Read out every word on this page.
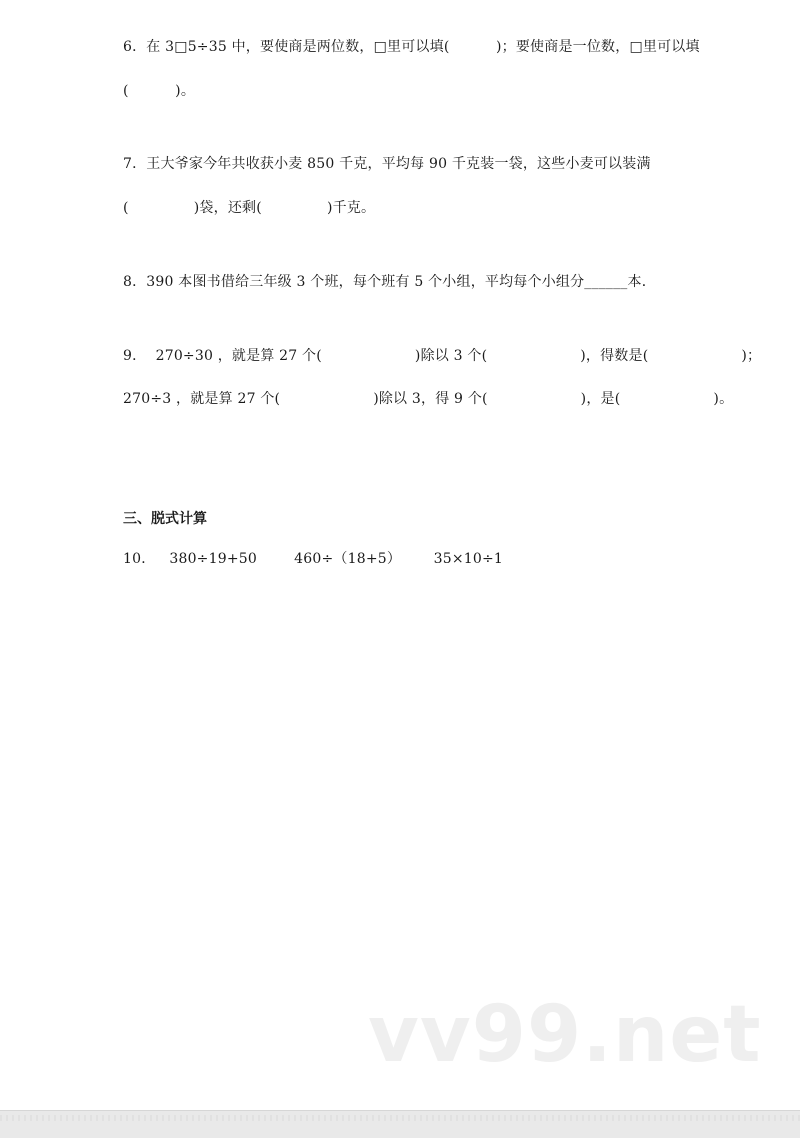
6．在 3□5÷35 中，要使商是两位数，□里可以填(          )；要使商是一位数，□里可以填
(          )。
7．王大爷家今年共收获小麦 850 千克，平均每 90 千克装一袋，这些小麦可以装满
(              )袋，还剩(              )千克。
8．390 本图书借给三年级 3 个班，每个班有 5 个小组，平均每个小组分______本．
9．  270÷30 ，就是算 27 个(                    )除以 3 个(                    )，得数是(                    )；
270÷3 ，就是算 27 个(                    )除以 3，得 9 个(                    )，是(                    )。
三、脱式计算
10．   380÷19+50        460÷（18+5）       35×10÷1
vv99.net
